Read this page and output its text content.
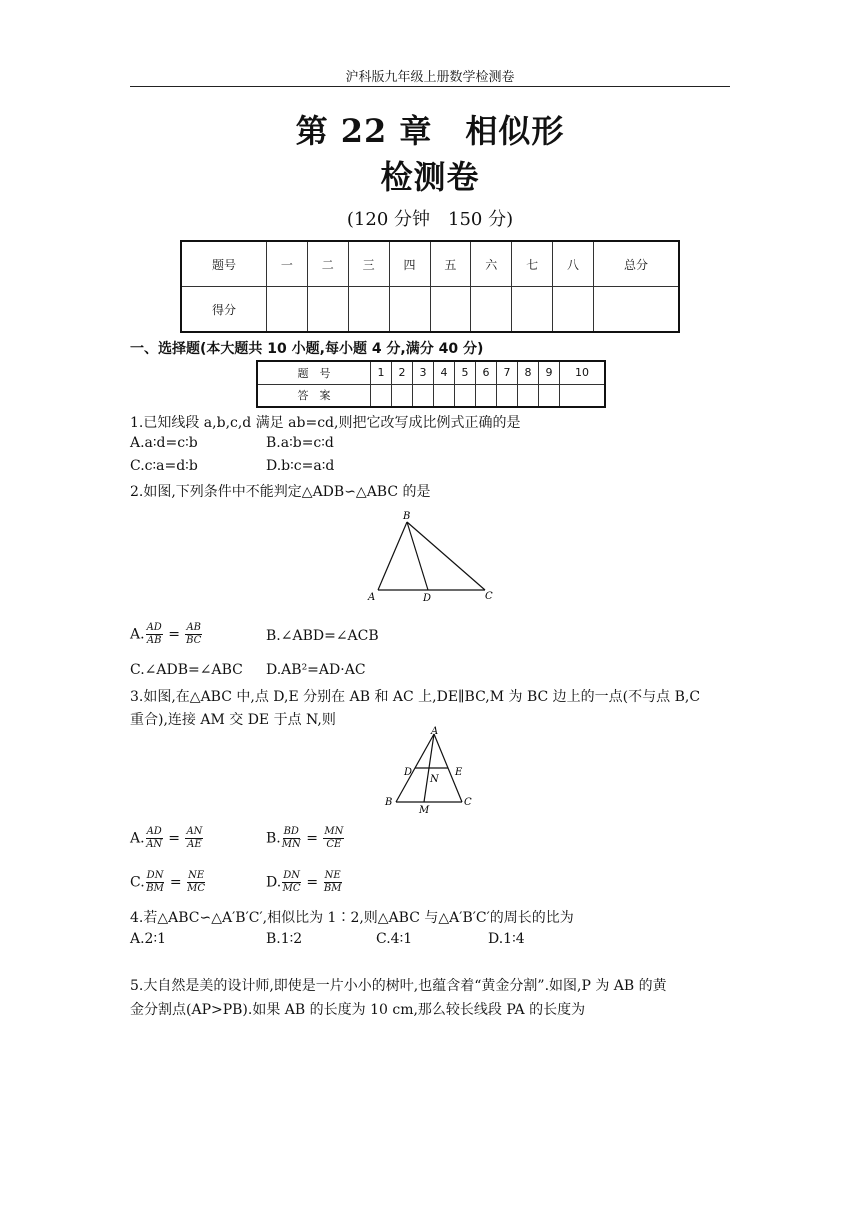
沪科版九年级上册数学检测卷
第 22 章　相似形
检测卷
(120 分钟　150 分)
题号	一	二	三	四	五	六	七	八	总分
得分									
一、选择题(本大题共 10 小题,每小题 4 分,满分 40 分)
题　号	1	2	3	4	5	6	7	8	9	10
答　案										
1.已知线段 a,b,c,d 满足 ab=cd,则把它改写成比例式正确的是
A.a∶d=c∶b	B.a∶b=c∶d
C.c∶a=d∶b	D.b∶c=a∶d
2.如图,下列条件中不能判定△ADB∽△ABC 的是
B
A	D	C
A. $\frac{AD}{AB} = \frac{AB}{BC}$	B.∠ABD=∠ACB
C.∠ADB=∠ABC D.AB²=AD·AC
3.如图,在△ABC 中,点 D,E 分别在 AB 和 AC 上,DE∥BC,M 为 BC 边上的一点(不与点 B,C
重合),连接 AM 交 DE 于点 N,则
A
D	E
N
B	C
M
A. $\frac{AD}{AN} = \frac{AN}{AE}$	B. $\frac{BD}{MN} = \frac{MN}{CE}$
C. $\frac{DN}{BM} = \frac{NE}{MC}$	D. $\frac{DN}{MC} = \frac{NE}{BM}$
4.若△ABC∽△A′B′C′,相似比为 1∶2,则△ABC 与△A′B′C′的周长的比为
A.2∶1	B.1∶2	C.4∶1	D.1∶4
5.大自然是美的设计师,即使是一片小小的树叶,也蕴含着“黄金分割”.如图,P 为 AB 的黄
金分割点(AP>PB).如果 AB 的长度为 10 cm,那么较长线段 PA 的长度为
